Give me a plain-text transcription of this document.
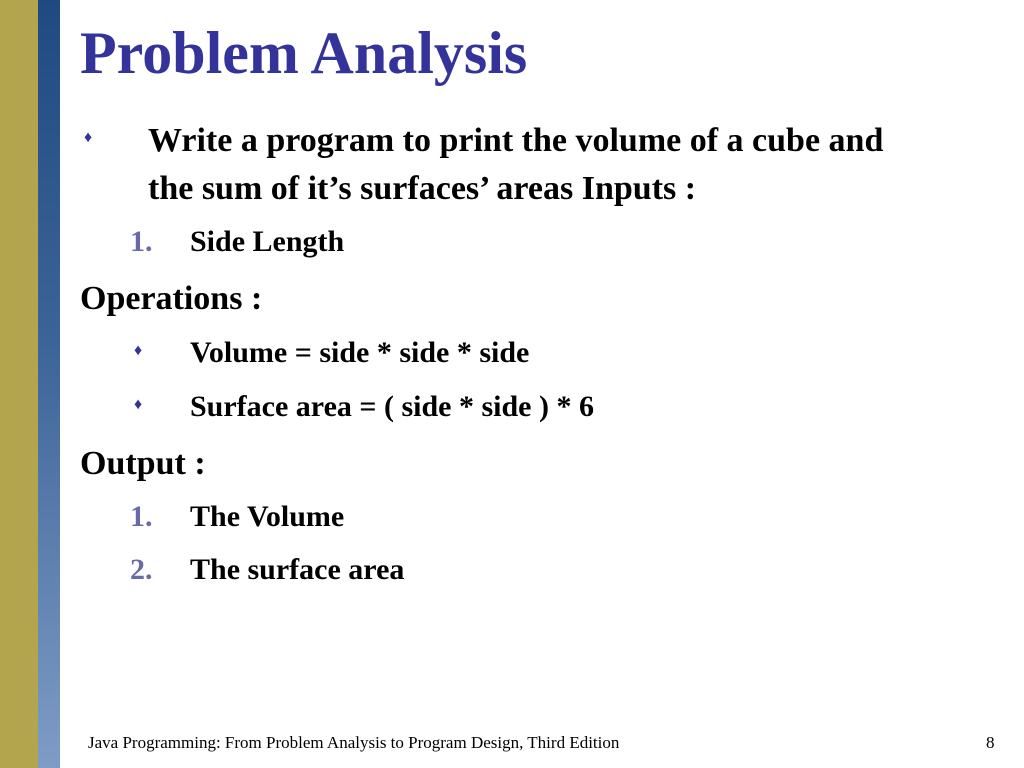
Problem Analysis
♦ Write a program to print the volume of a cube and
the sum of it’s surfaces’ areas Inputs :
1. Side Length
Operations :
♦ Volume = side * side * side
♦ Surface area = ( side * side ) * 6
Output :
1. The Volume
2. The surface area
Java Programming: From Problem Analysis to Program Design, Third Edition	8
